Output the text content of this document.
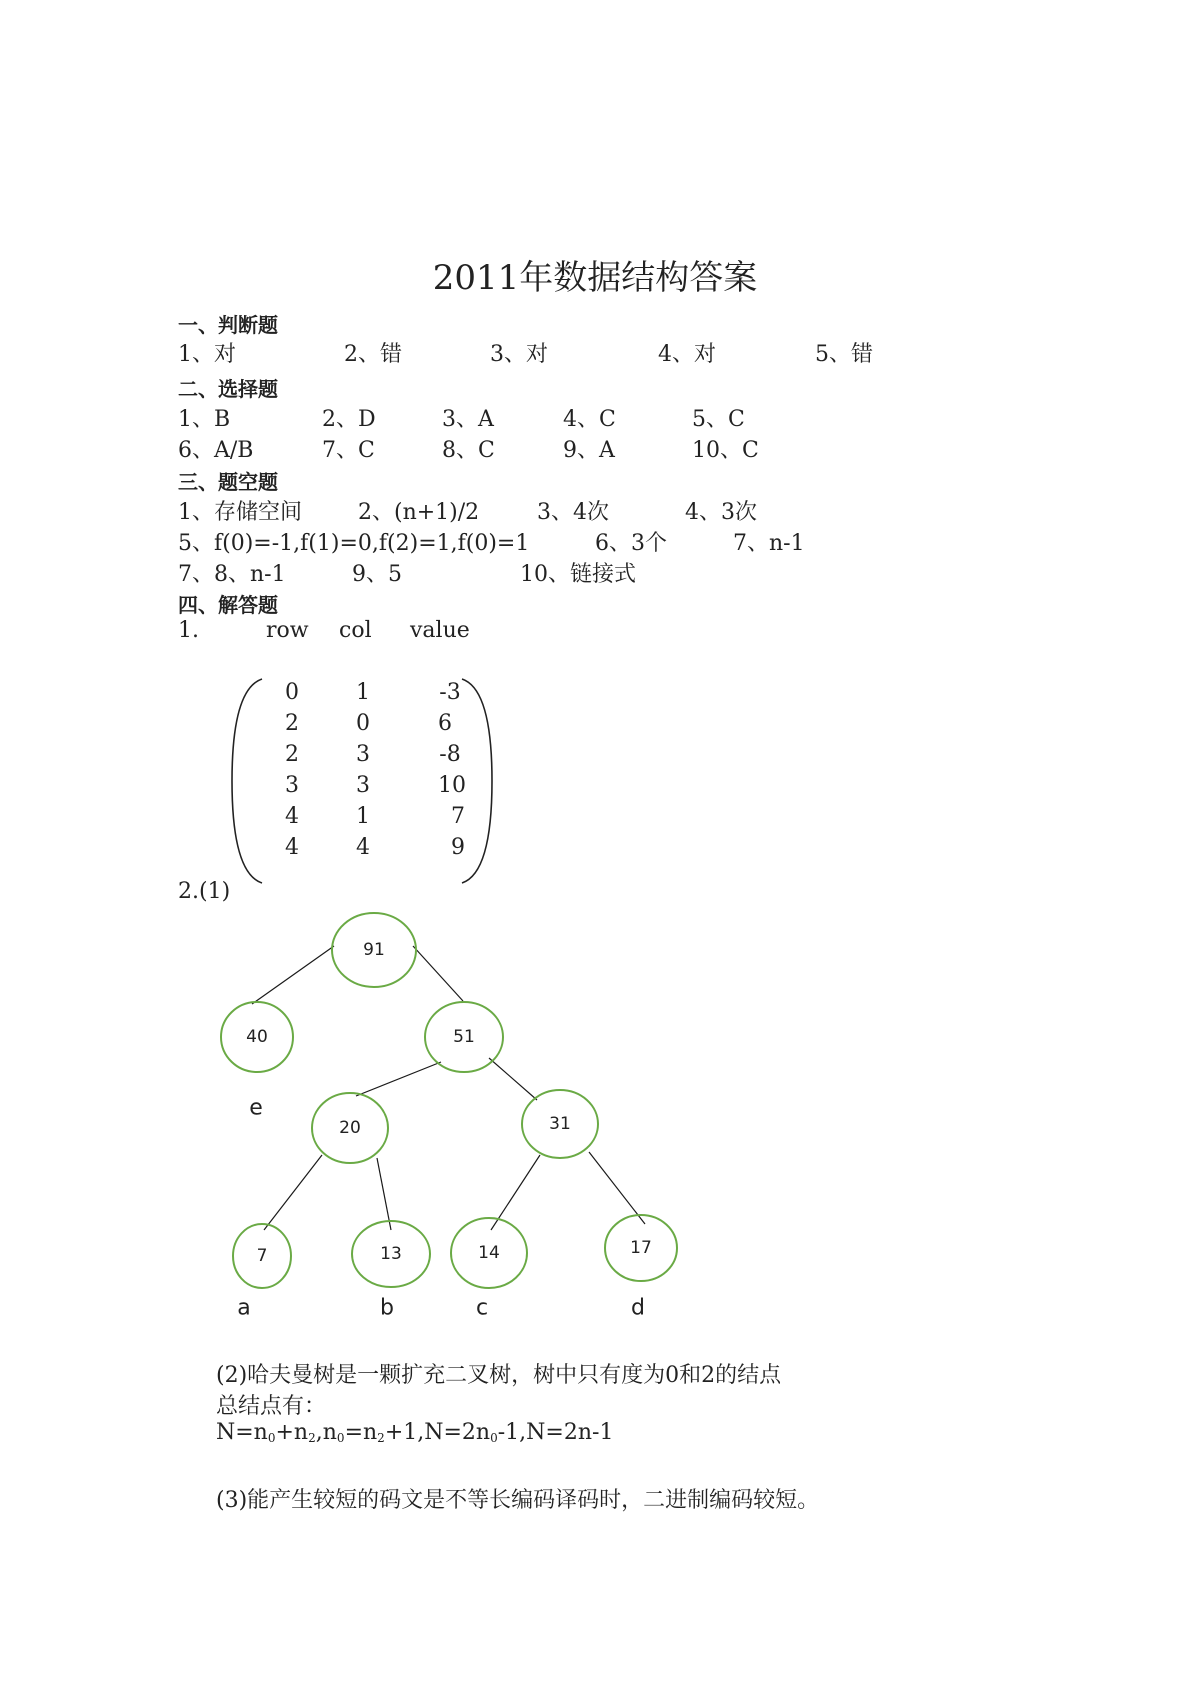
2011年数据结构答案
一、判断题
1、对	2、错	3、对	4、对	5、错
二、选择题
1、B	2、D	3、A	4、C	5、C
6、A/B	7、C	8、C	9、A	10、C
三、题空题
1、存储空间	2、(n+1)/2	3、4次	4、3次
5、f(0)=-1,f(1)=0,f(2)=1,f(0)=1	6、3个	7、n-1
7、8、n-1	9、5	10、链接式
四、解答题
1.	row col value
0	1	-3
2	0	6
2	3	-8
3	3	10
4	1	7
4	4	9
2.(1)
91
40	51
20	31
7	13	14	17
e
a	b	c	d
(2)哈夫曼树是一颗扩充二叉树，树中只有度为0和2的结点
总结点有：
$N=n_0+n_2,n_0=n_2+1,N=2n_0-1,N=2n-1$
(3)能产生较短的码文是不等长编码译码时，二进制编码较短。
